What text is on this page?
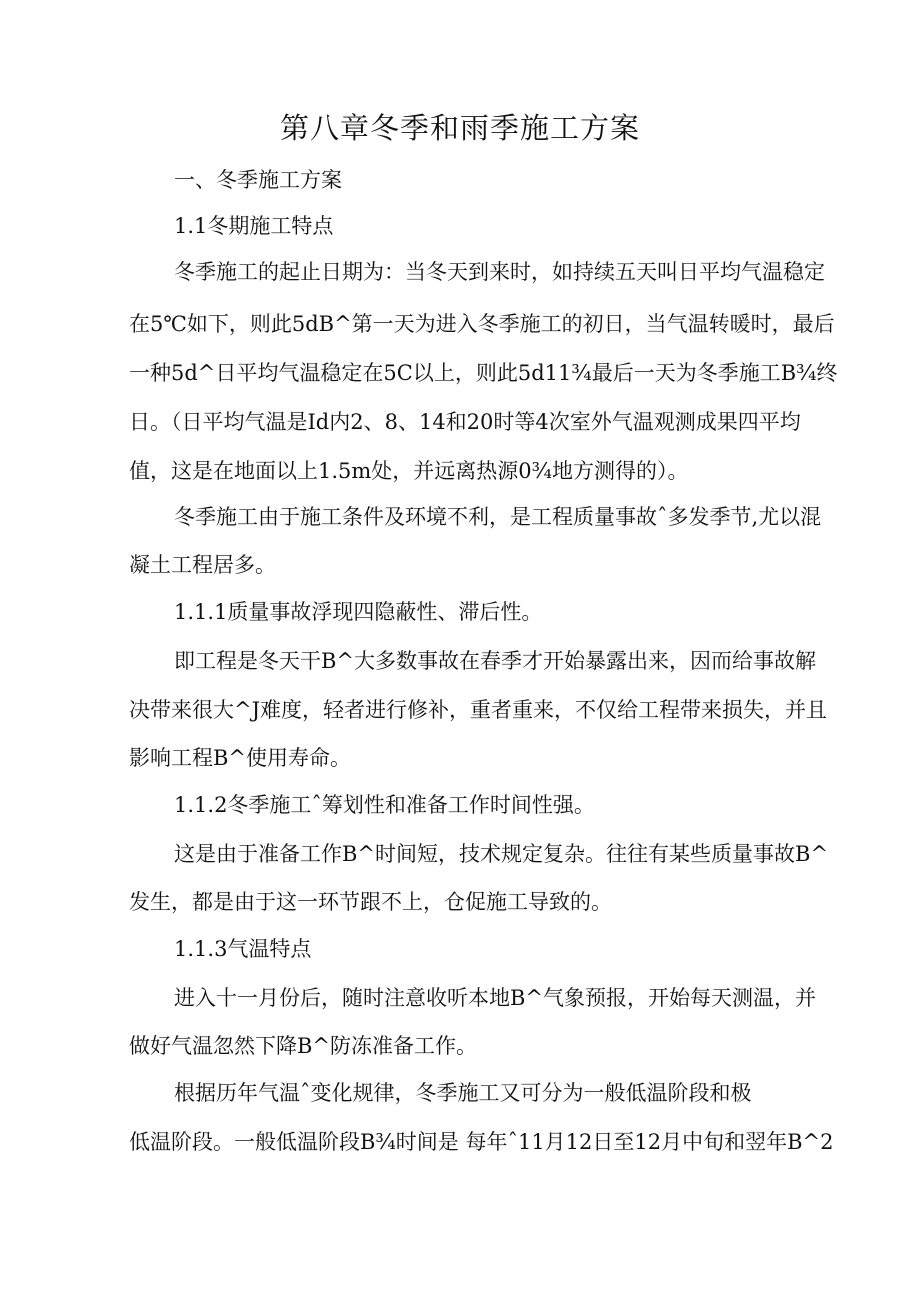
第八章冬季和雨季施工方案

一、冬季施工方案

1.1冬期施工特点

冬季施工的起止日期为：当冬天到来时，如持续五天叫日平均气温稳定

在5℃如下，则此5dB^第一天为进入冬季施工的初日，当气温转暖时，最后

一种5d^日平均气温稳定在5C以上，则此5d11¾最后一天为冬季施工B¾终

日。（日平均气温是Id内2、8、14和20时等4次室外气温观测成果四平均

值，这是在地面以上1.5m处，并远离热源0¾地方测得的）。

冬季施工由于施工条件及环境不利，是工程质量事故ˆ多发季节,尤以混

凝土工程居多。

1.1.1质量事故浮现四隐蔽性、滞后性。

即工程是冬天干B^大多数事故在春季才开始暴露出来，因而给事故解

决带来很大^J难度，轻者进行修补，重者重来，不仅给工程带来损失，并且

影响工程B^使用寿命。

1.1.2冬季施工ˆ筹划性和准备工作时间性强。

这是由于准备工作B^时间短，技术规定复杂。往往有某些质量事故B^

发生，都是由于这一环节跟不上，仓促施工导致的。

1.1.3气温特点

进入十一月份后，随时注意收听本地B^气象预报，开始每天测温，并

做好气温忽然下降B^防冻准备工作。

根据历年气温ˆ变化规律，冬季施工又可分为一般低温阶段和极

低温阶段。一般低温阶段B¾时间是 每年ˆ11月12日至12月中旬和翌年B^2
